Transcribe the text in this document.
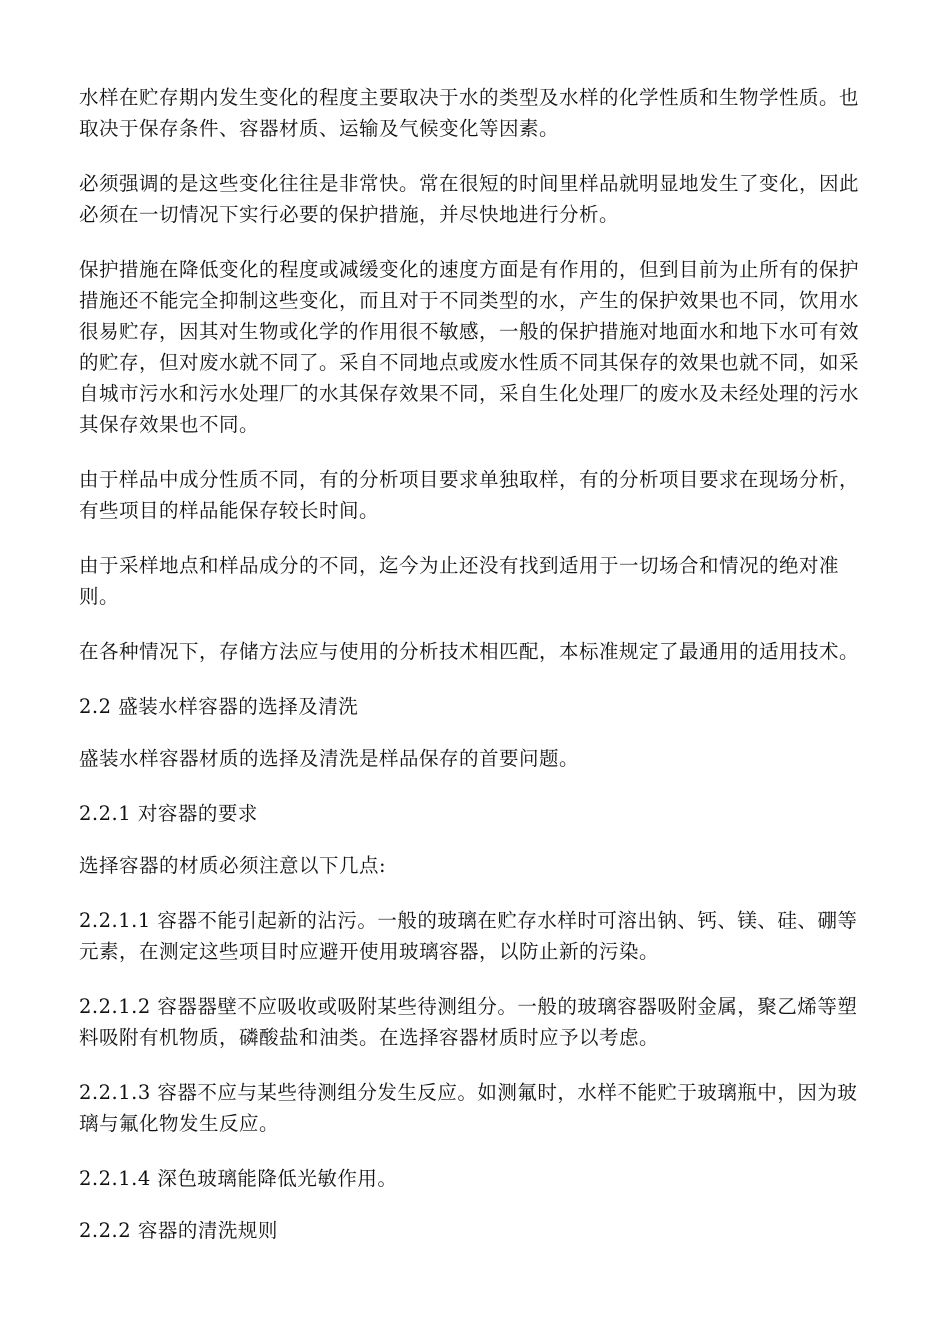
水样在贮存期内发生变化的程度主要取决于水的类型及水样的化学性质和生物学性质。也取决于保存条件、容器材质、运输及气候变化等因素。

必须强调的是这些变化往往是非常快。常在很短的时间里样品就明显地发生了变化，因此必须在一切情况下实行必要的保护措施，并尽快地进行分析。

保护措施在降低变化的程度或减缓变化的速度方面是有作用的，但到目前为止所有的保护措施还不能完全抑制这些变化，而且对于不同类型的水，产生的保护效果也不同，饮用水很易贮存，因其对生物或化学的作用很不敏感，一般的保护措施对地面水和地下水可有效的贮存，但对废水就不同了。采自不同地点或废水性质不同其保存的效果也就不同，如采自城市污水和污水处理厂的水其保存效果不同，采自生化处理厂的废水及未经处理的污水其保存效果也不同。

由于样品中成分性质不同，有的分析项目要求单独取样，有的分析项目要求在现场分析，有些项目的样品能保存较长时间。

由于采样地点和样品成分的不同，迄今为止还没有找到适用于一切场合和情况的绝对准则。

在各种情况下，存储方法应与使用的分析技术相匹配，本标准规定了最通用的适用技术。

2.2 盛装水样容器的选择及清洗

盛装水样容器材质的选择及清洗是样品保存的首要问题。

2.2.1 对容器的要求

选择容器的材质必须注意以下几点:

2.2.1.1 容器不能引起新的沾污。一般的玻璃在贮存水样时可溶出钠、钙、镁、硅、硼等元素，在测定这些项目时应避开使用玻璃容器，以防止新的污染。

2.2.1.2 容器器壁不应吸收或吸附某些待测组分。一般的玻璃容器吸附金属，聚乙烯等塑料吸附有机物质，磷酸盐和油类。在选择容器材质时应予以考虑。

2.2.1.3 容器不应与某些待测组分发生反应。如测氟时，水样不能贮于玻璃瓶中，因为玻璃与氟化物发生反应。

2.2.1.4 深色玻璃能降低光敏作用。

2.2.2 容器的清洗规则
